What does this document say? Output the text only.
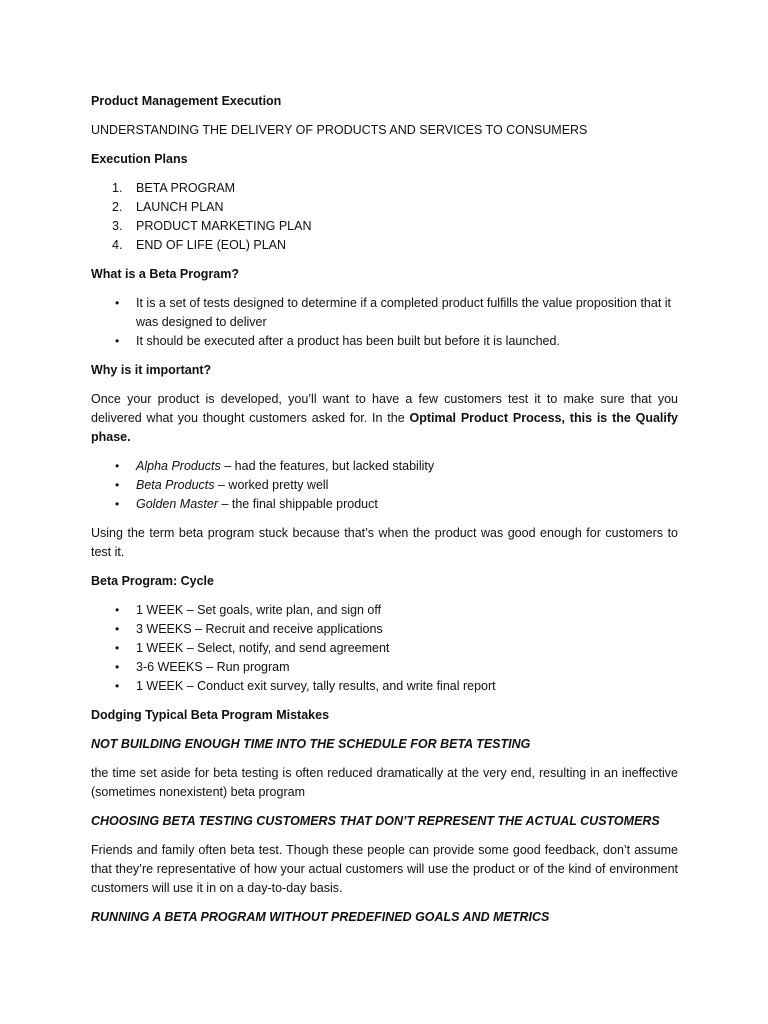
Product Management Execution

UNDERSTANDING THE DELIVERY OF PRODUCTS AND SERVICES TO CONSUMERS

Execution Plans

1. BETA PROGRAM
2. LAUNCH PLAN
3. PRODUCT MARKETING PLAN
4. END OF LIFE (EOL) PLAN

What is a Beta Program?

• It is a set of tests designed to determine if a completed product fulfills the value proposition that it was designed to deliver
• It should be executed after a product has been built but before it is launched.

Why is it important?

Once your product is developed, you’ll want to have a few customers test it to make sure that you delivered what you thought customers asked for. In the Optimal Product Process, this is the Qualify phase.

• Alpha Products – had the features, but lacked stability
• Beta Products – worked pretty well
• Golden Master – the final shippable product

Using the term beta program stuck because that’s when the product was good enough for customers to test it.

Beta Program: Cycle

• 1 WEEK – Set goals, write plan, and sign off
• 3 WEEKS – Recruit and receive applications
• 1 WEEK – Select, notify, and send agreement
• 3-6 WEEKS – Run program
• 1 WEEK – Conduct exit survey, tally results, and write final report

Dodging Typical Beta Program Mistakes

NOT BUILDING ENOUGH TIME INTO THE SCHEDULE FOR BETA TESTING

the time set aside for beta testing is often reduced dramatically at the very end, resulting in an ineffective (sometimes nonexistent) beta program

CHOOSING BETA TESTING CUSTOMERS THAT DON’T REPRESENT THE ACTUAL CUSTOMERS

Friends and family often beta test. Though these people can provide some good feedback, don’t assume that they’re representative of how your actual customers will use the product or of the kind of environment customers will use it in on a day-to-day basis.

RUNNING A BETA PROGRAM WITHOUT PREDEFINED GOALS AND METRICS
